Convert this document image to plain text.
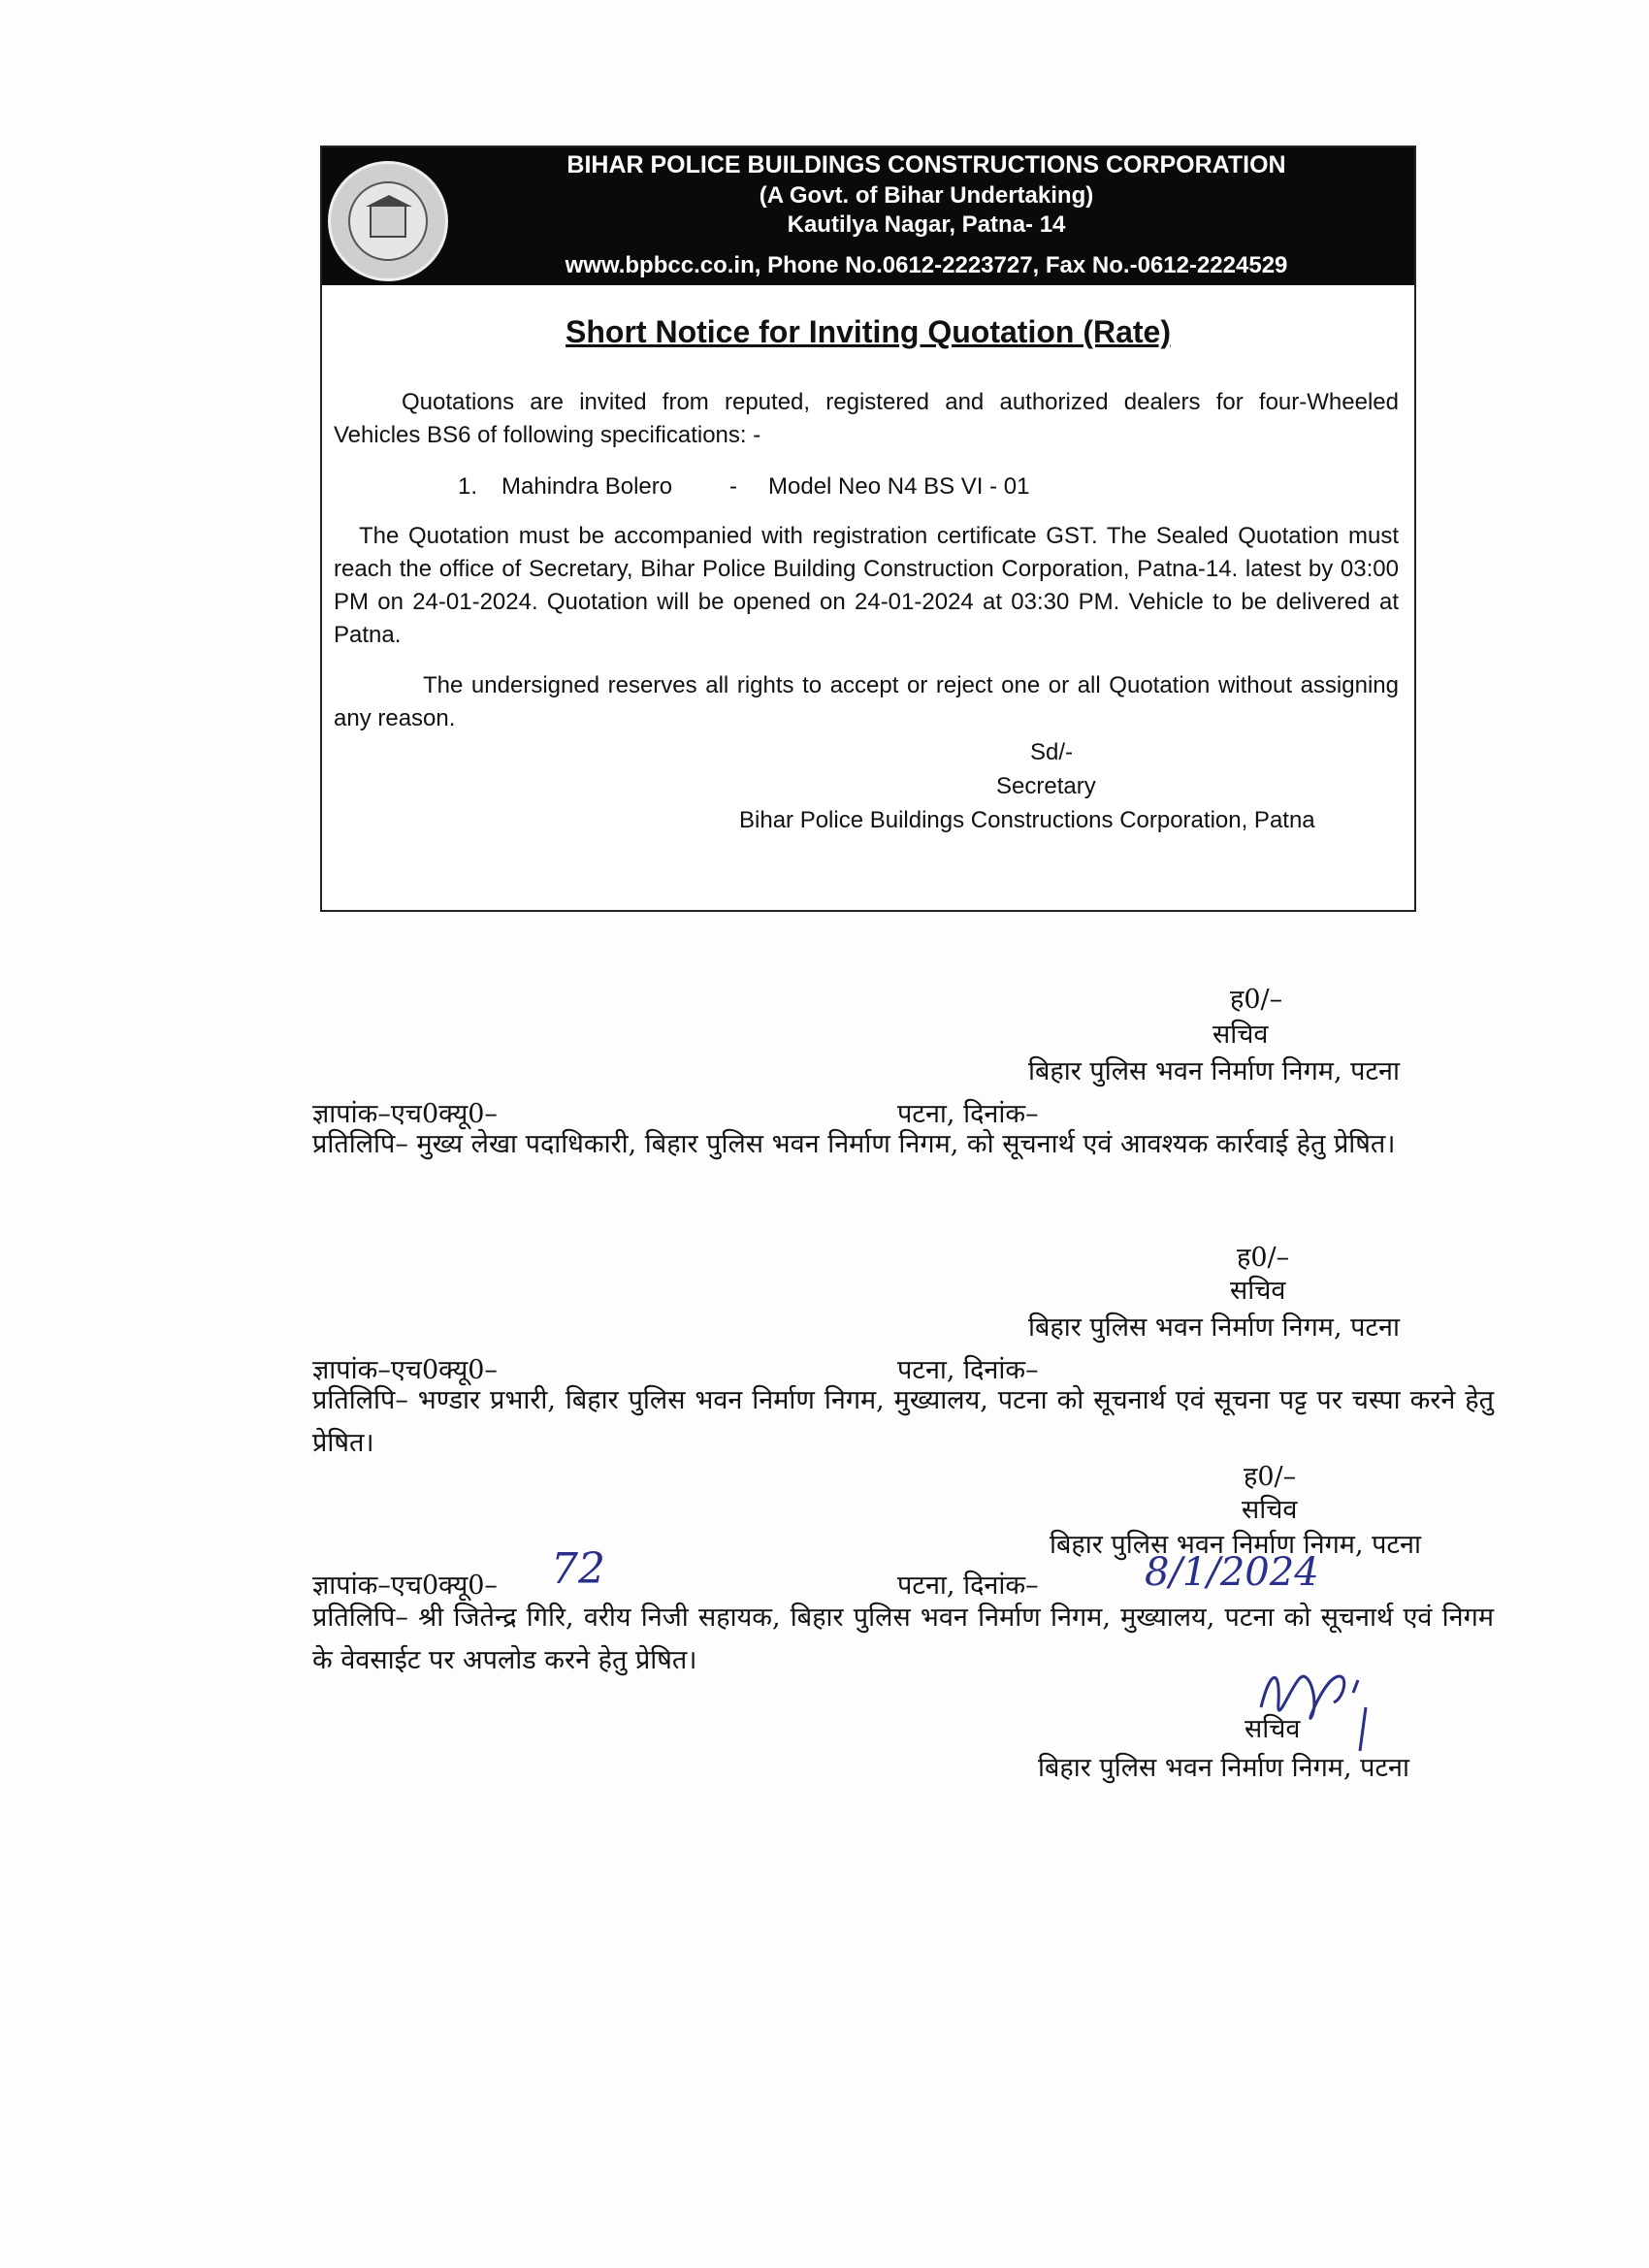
BIHAR POLICE BUILDINGS CONSTRUCTIONS CORPORATION
(A Govt. of Bihar Undertaking)
Kautilya Nagar, Patna- 14
www.bpbcc.co.in, Phone No.0612-2223727, Fax No.-0612-2224529
Short Notice for Inviting Quotation (Rate)
Quotations are invited from reputed, registered and authorized dealers for four-Wheeled Vehicles BS6 of following specifications: -
1. Mahindra Bolero - Model Neo N4 BS VI - 01
The Quotation must be accompanied with registration certificate GST. The Sealed Quotation must reach the office of Secretary, Bihar Police Building Construction Corporation, Patna-14. latest by 03:00 PM on 24-01-2024. Quotation will be opened on 24-01-2024 at 03:30 PM. Vehicle to be delivered at Patna.
The undersigned reserves all rights to accept or reject one or all Quotation without assigning any reason.
Sd/-
Secretary
Bihar Police Buildings Constructions Corporation, Patna
ह0/–
सचिव
बिहार पुलिस भवन निर्माण निगम, पटना
ज्ञापांक–एच0क्यू0–	पटना, दिनांक–
प्रतिलिपि– मुख्य लेखा पदाधिकारी, बिहार पुलिस भवन निर्माण निगम, को सूचनार्थ एवं आवश्यक कार्रवाई हेतु प्रेषित।
ह0/–
सचिव
बिहार पुलिस भवन निर्माण निगम, पटना
ज्ञापांक–एच0क्यू0–	पटना, दिनांक–
प्रतिलिपि– भण्डार प्रभारी, बिहार पुलिस भवन निर्माण निगम, मुख्यालय, पटना को सूचनार्थ एवं सूचना पट्ट पर चस्पा करने हेतु प्रेषित।
ह0/–
सचिव
बिहार पुलिस भवन निर्माण निगम, पटना
ज्ञापांक–एच0क्यू0– 72	पटना, दिनांक–	8/1/2024
प्रतिलिपि– श्री जितेन्द्र गिरि, वरीय निजी सहायक, बिहार पुलिस भवन निर्माण निगम, मुख्यालय, पटना को सूचनार्थ एवं निगम के वेवसाईट पर अपलोड करने हेतु प्रेषित।
सचिव
बिहार पुलिस भवन निर्माण निगम, पटना
